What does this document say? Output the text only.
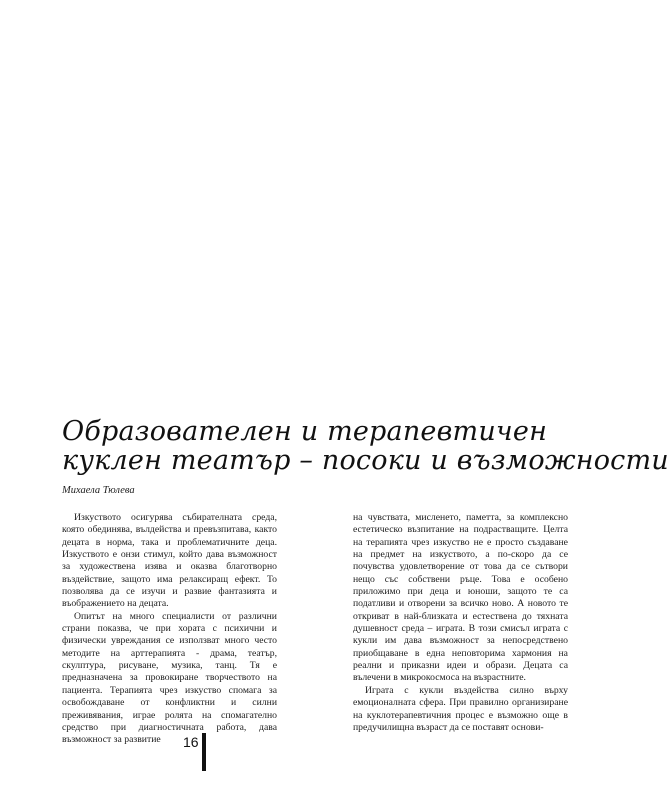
Образователен и терапевтичен
куклен театър – посоки и възможности
Михаела Тюлева

Изкуството осигурява събирателната среда, която обединява, вълдейства и превъзпитава, както децата в норма, така и проблематичните деца. Изкуството е онзи стимул, който дава възможност за художествена изява и оказва благотворно въздействие, защото има релаксиращ ефект. То позволява да се изучи и развие фантазията и въображението на децата.

Опитът на много специалисти от различни страни показва, че при хората с психични и физически увреждания се използват много често методите на арттерапията - драма, театър, скулптура, рисуване, музика, танц. Тя е предназначена за провокиране творчеството на пациента. Терапията чрез изкуство спомага за освобождаване от конфликтни и силни преживявания, играе ролята на спомагателно средство при диагностичната работа, дава възможност за развитие

на чувствата, мисленето, паметта, за комплексно естетическо възпитание на подрастващите. Целта на терапията чрез изкуство не е просто създаване на предмет на изкуството, а по-скоро да се почувства удовлетворение от това да се сътвори нещо със собствени ръце. Това е особено приложимо при деца и юноши, защото те са податливи и отворени за всичко ново. А новото те откриват в най-близката и естествена до тяхната душевност среда – играта. В този смисъл играта с кукли им дава възможност за непосредствено приобщаване в една неповторима хармония на реални и приказни идеи и образи. Децата са вълечени в микрокосмоса на възрастните.

Играта с кукли въздейства силно върху емоционалната сфера. При правилно организиране на куклотерапевтичния процес е възможно още в предучилищна възраст да се поставят основи-

16
